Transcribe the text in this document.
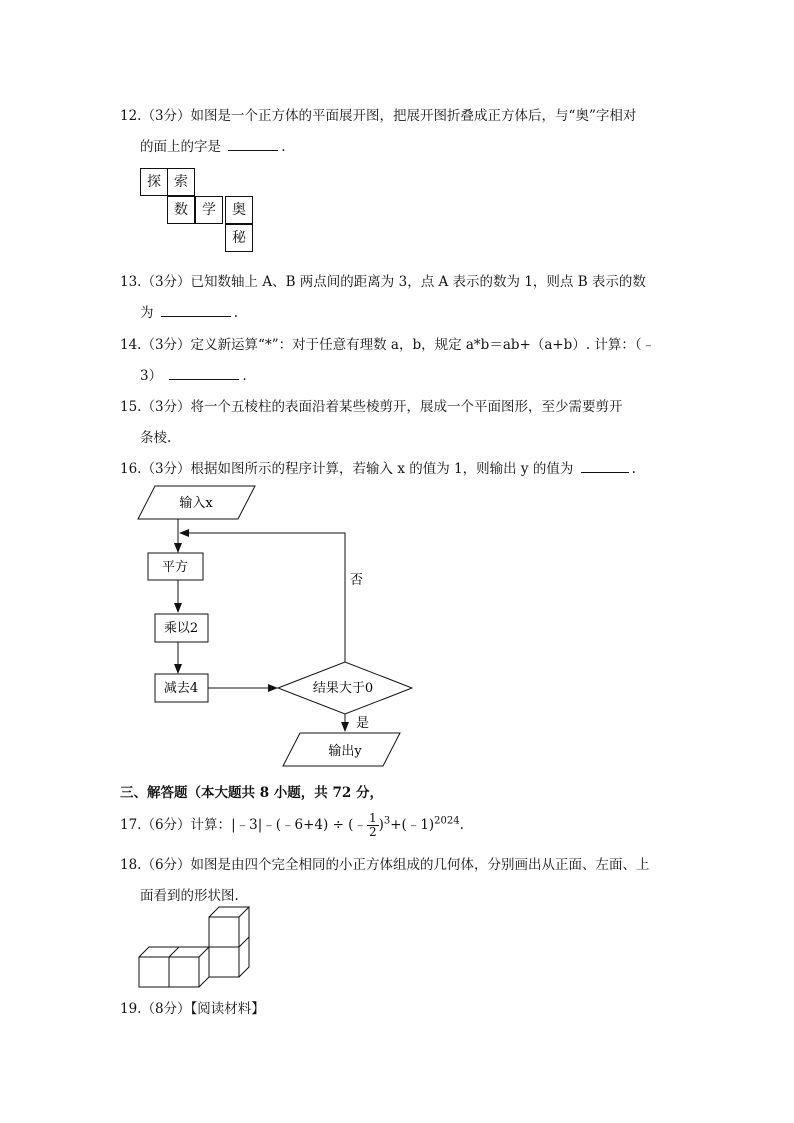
12.（3分）如图是一个正方体的平面展开图，把展开图折叠成正方体后，与“奥”字相对
的面上的字是	.
探 索
数	学	奥
秘
13.（3分）已知数轴上 A、B 两点间的距离为 3，点 A 表示的数为 1，则点 B 表示的数
为	.
14.（3分）定义新运算“*”：对于任意有理数 a，b，规定 a*b＝ab+（a+b）. 计算：（﹣
3）	.
15.（3分）将一个五棱柱的表面沿着某些棱剪开，展成一个平面图形，至少需要剪开
条棱.
16.（3分）根据如图所示的程序计算，若输入 x 的值为 1，则输出 y 的值为	.
输入x
平方
乘以2
减去4	结果大于0
否
是
输出y
三、解答题（本大题共 8 小题，共 72 分，
17.（6分）计算：|﹣3|﹣(﹣6+4) ÷ (﹣ $\frac{1}{2}$ )$^3$+(﹣1)$^{2024}$.
18.（6分）如图是由四个完全相同的小正方体组成的几何体，分别画出从正面、左面、上
面看到的形状图.
19.（8分）【阅读材料】
